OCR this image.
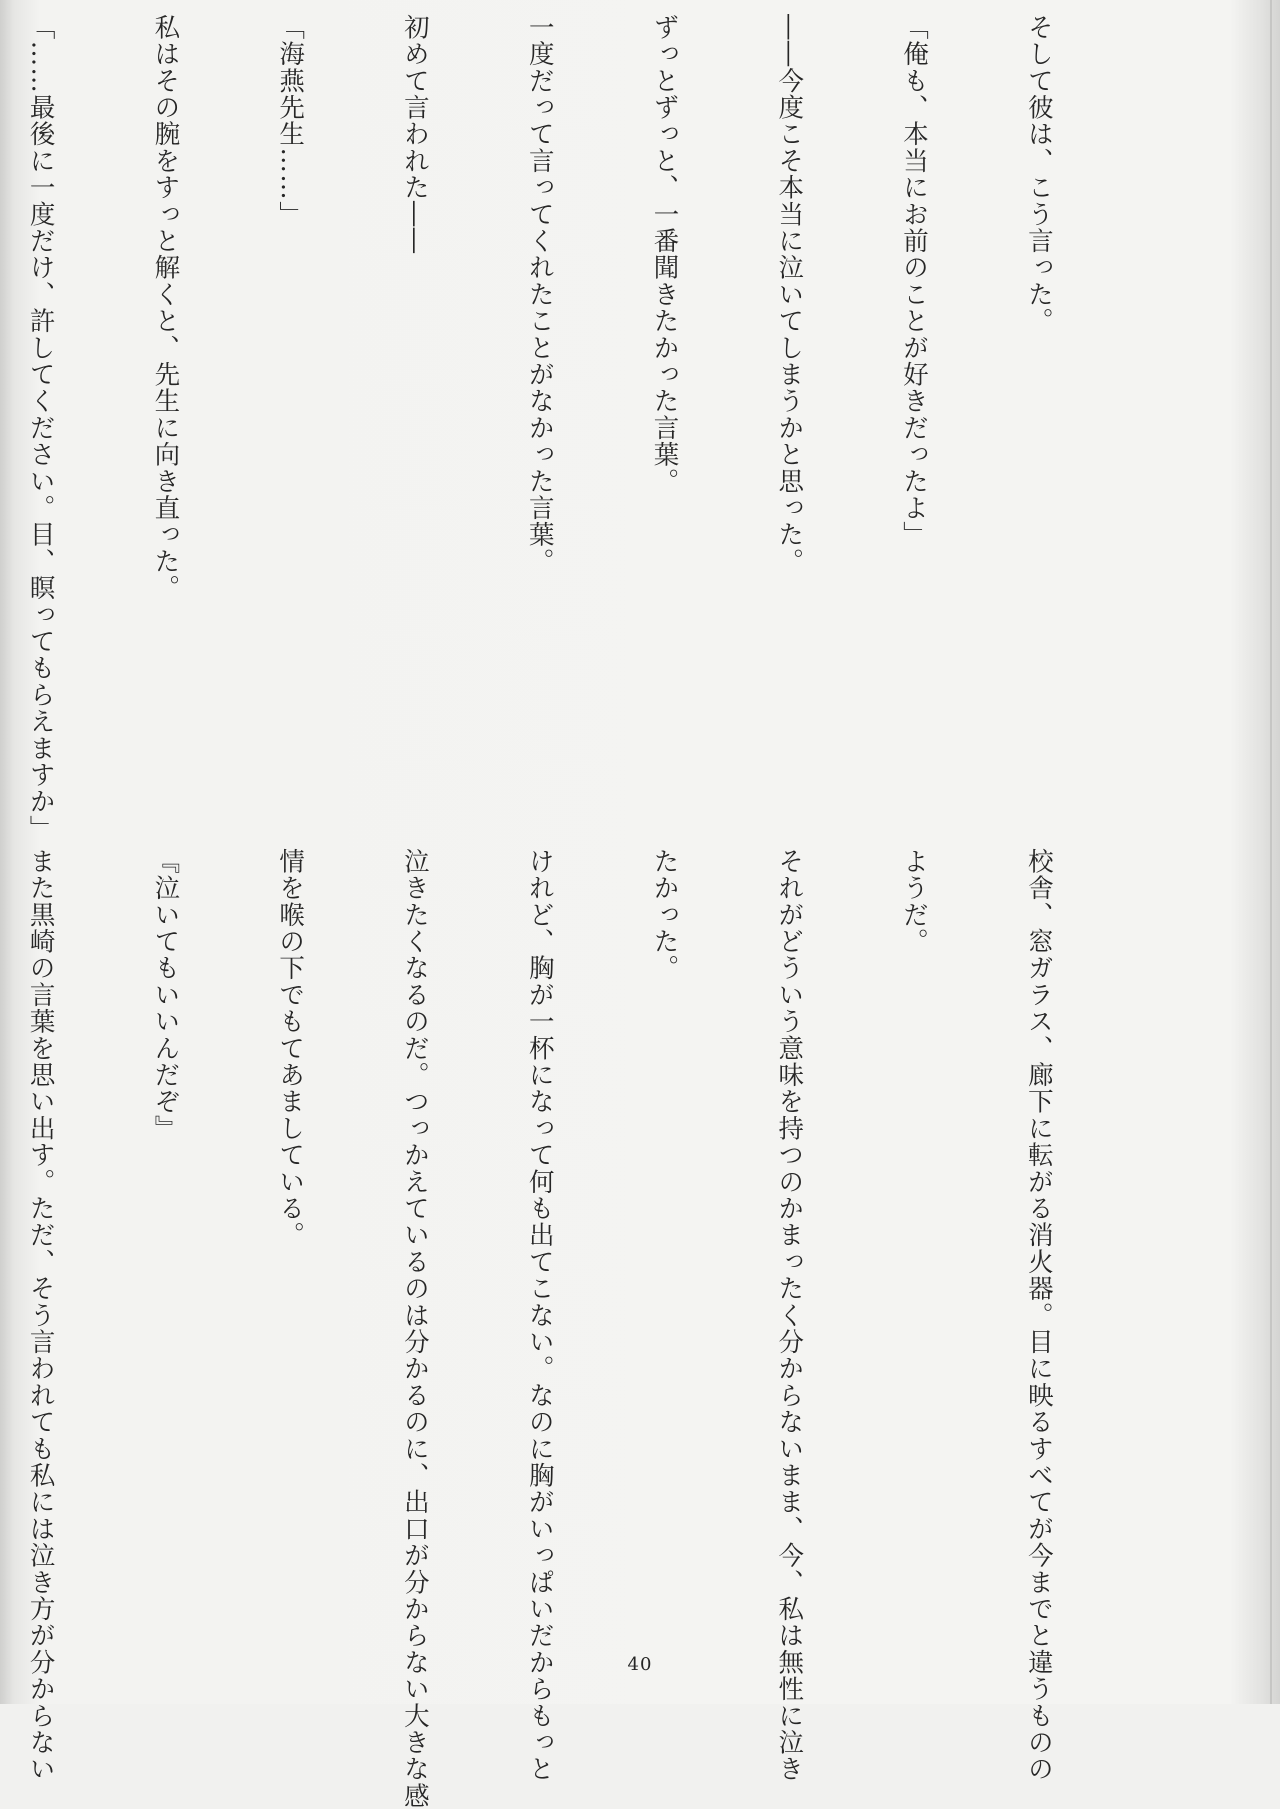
そして彼は、こう言った。

「俺も、本当にお前のことが好きだったよ」

――今度こそ本当に泣いてしまうかと思った。

ずっとずっと、一番聞きたかった言葉。

一度だって言ってくれたことがなかった言葉。

初めて言われた――

「海燕先生……」

私はその腕をすっと解くと、先生に向き直った。

「……最後に一度だけ、許してください。目、瞑ってもらえますか」

校舎、窓ガラス、廊下に転がる消火器。目に映るすべてが今までと違うものの

ようだ。

それがどういう意味を持つのかまったく分からないまま、今、私は無性に泣き

たかった。

けれど、胸が一杯になって何も出てこない。なのに胸がいっぱいだからもっと

泣きたくなるのだ。つっかえているのは分かるのに、出口が分からない大きな感

情を喉の下でもてあましている。

『泣いてもいいんだぞ』

また黒崎の言葉を思い出す。ただ、そう言われても私には泣き方が分からない

	40
